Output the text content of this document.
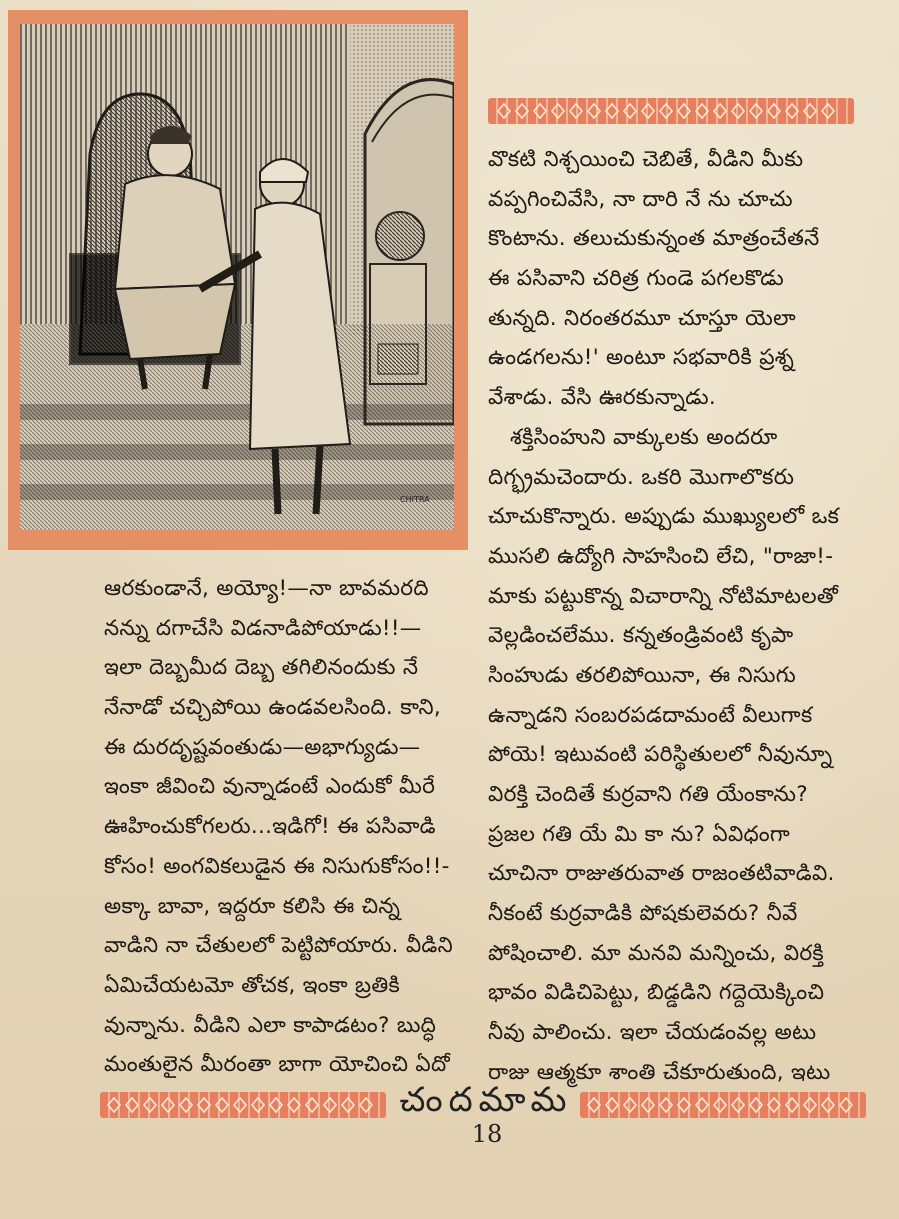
CHITRA
వొకటి నిశ్చయించి చెబితే, వీడిని మీకు
వప్పగించివేసి, నా దారి నే ను చూచు
కొంటాను. తలుచుకున్నంత మాత్రంచేతనే
ఈ పసివాని చరిత్ర గుండె పగలకొడు
తున్నది. నిరంతరమూ చూస్తూ యెలా
ఉండగలను!' అంటూ సభవారికి ప్రశ్న
వేశాడు. వేసి ఊరకున్నాడు.
శక్తిసింహుని వాక్కులకు అందరూ
దిగ్భ్రమచెందారు. ఒకరి మొగాలొకరు
చూచుకొన్నారు. అప్పుడు ముఖ్యులలో ఒక
ముసలి ఉద్యోగి సాహసించి లేచి, "రాజా!-
మాకు పట్టుకొన్న విచారాన్ని నోటిమాటలతో
వెల్లడించలేము. కన్నతండ్రివంటి కృపా
సింహుడు తరలిపోయినా, ఈ నిసుగు
ఉన్నాడని సంబరపడదామంటే వీలుగాక
పోయె! ఇటువంటి పరిస్థితులలో నీవున్నూ
విరక్తి చెందితే కుర్రవాని గతి యేంకాను?
ప్రజల గతి యే మి కా ను? ఏవిధంగా
చూచినా రాజుతరువాత రాజంతటివాడివి.
నీకంటే కుర్రవాడికి పోషకులెవరు? నీవే
పోషించాలి. మా మనవి మన్నించు, విరక్తి
భావం విడిచిపెట్టు, బిడ్డడిని గద్దెయెక్కించి
నీవు పాలించు. ఇలా చేయడంవల్ల అటు
రాజు ఆత్మకూ శాంతి చేకూరుతుంది, ఇటు
ఆరకుండానే, అయ్యో!—నా బావమరది
నన్ను దగాచేసి విడనాడిపోయాడు!!—
ఇలా దెబ్బమీద దెబ్బ తగిలినందుకు నే
నేనాడో చచ్చిపోయి ఉండవలసింది. కాని,
ఈ దురదృష్టవంతుడు—అభాగ్యుడు—
ఇంకా జీవించి వున్నాడంటే ఎందుకో మీరే
ఊహించుకోగలరు...ఇడిగో! ఈ పసివాడి
కోసం! అంగవికలుడైన ఈ నిసుగుకోసం!!-
అక్కా బావా, ఇద్దరూ కలిసి ఈ చిన్న
వాడిని నా చేతులలో పెట్టిపోయారు. వీడిని
ఏమిచేయటమో తోచక, ఇంకా బ్రతికి
వున్నాను. వీడిని ఎలా కాపాడటం? బుద్ధి
మంతులైన మీరంతా బాగా యోచించి ఏదో
చందమామ
18
